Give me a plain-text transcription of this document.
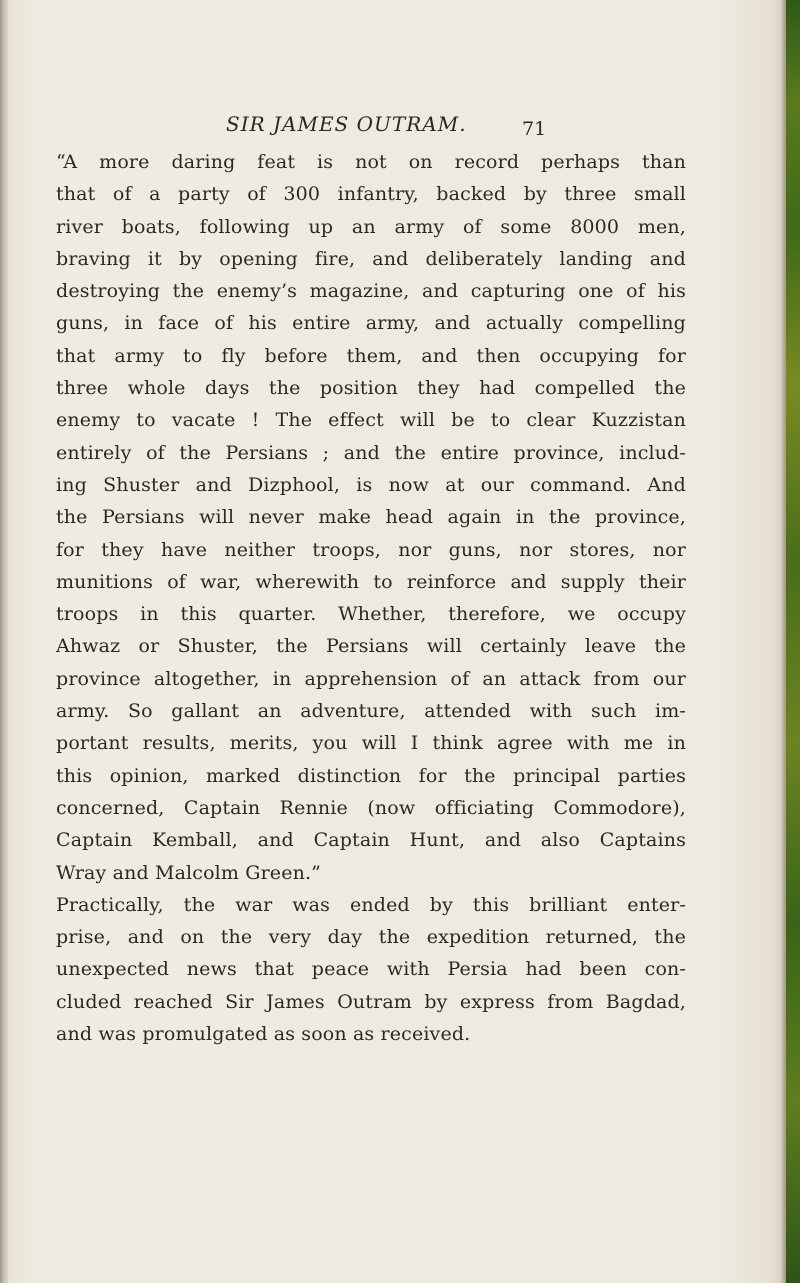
SIR JAMES OUTRAM.	71
“A more daring feat is not on record perhaps than
that of a party of 300 infantry, backed by three small
river boats, following up an army of some 8000 men,
braving it by opening fire, and deliberately landing and
destroying the enemy’s magazine, and capturing one of his
guns, in face of his entire army, and actually compelling
that army to fly before them, and then occupying for
three whole days the position they had compelled the
enemy to vacate ! The effect will be to clear Kuzzistan
entirely of the Persians ; and the entire province, includ-
ing Shuster and Dizphool, is now at our command. And
the Persians will never make head again in the province,
for they have neither troops, nor guns, nor stores, nor
munitions of war, wherewith to reinforce and supply their
troops in this quarter. Whether, therefore, we occupy
Ahwaz or Shuster, the Persians will certainly leave the
province altogether, in apprehension of an attack from our
army. So gallant an adventure, attended with such im-
portant results, merits, you will I think agree with me in
this opinion, marked distinction for the principal parties
concerned, Captain Rennie (now officiating Commodore),
Captain Kemball, and Captain Hunt, and also Captains
Wray and Malcolm Green.”
Practically, the war was ended by this brilliant enter-
prise, and on the very day the expedition returned, the
unexpected news that peace with Persia had been con-
cluded reached Sir James Outram by express from Bagdad,
and was promulgated as soon as received.
